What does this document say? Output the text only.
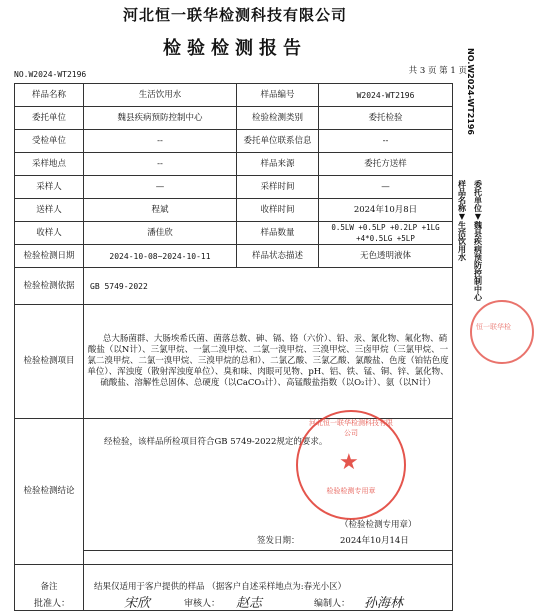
河北恒一联华检测科技有限公司
检验检测报告
共 3 页 第 1 页
NO.W2024-WT2196	NO.W2024-WT2196
样品名称▼生活饮用水 委托单位▼魏县疾病预防控制中心
恒一联华检
样品名称	生活饮用水	样品编号	W2024-WT2196
委托单位	魏县疾病预防控制中心	检验检测类别	委托检验
受检单位	--	委托单位联系信息	--
采样地点	--	样品来源	委托方送样
采样人	—	采样时间	—
送样人	程斌	收样时间	2024年10月8日
收样人	潘佳欣	样品数量	0.5LW +0.5LP +0.2LP +1LG +4*0.5LG +5LP
检验检测日期	2024-10-08~2024-10-11	样品状态描述	无色透明液体
检验检测依据	GB 5749-2022		
检验检测项目	总大肠菌群、大肠埃希氏菌、菌落总数、砷、镉、铬（六价）、铅、汞、氰化物、氟化物、硝酸盐（以N计）、三氯甲烷、一氯二溴甲烷、二氯一溴甲烷、三溴甲烷、三卤甲烷（三氯甲烷、一氯二溴甲烷、二氯一溴甲烷、三溴甲烷的总和）、二氯乙酸、三氯乙酸、氯酸盐、色度（铂钴色度单位）、浑浊度（散射浑浊度单位）、臭和味、肉眼可见物、pH、铝、铁、锰、铜、锌、氯化物、硫酸盐、溶解性总固体、总硬度（以CaCO₃计）、高锰酸盐指数（以O₂计）、氨（以N计）		
检验检测结论	经检验，该样品所检项目符合GB 5749-2022规定的要求。		

备注	结果仅适用于客户提供的样品 （据客户自述采样地点为:春光小区）		
河北恒一联华检测科技有限公司
★
检验检测专用章
（检验检测专用章）
签发日期：	2024年10月14日
批准人：	宋欣	审核人： 赵志	编制人： 孙海林
